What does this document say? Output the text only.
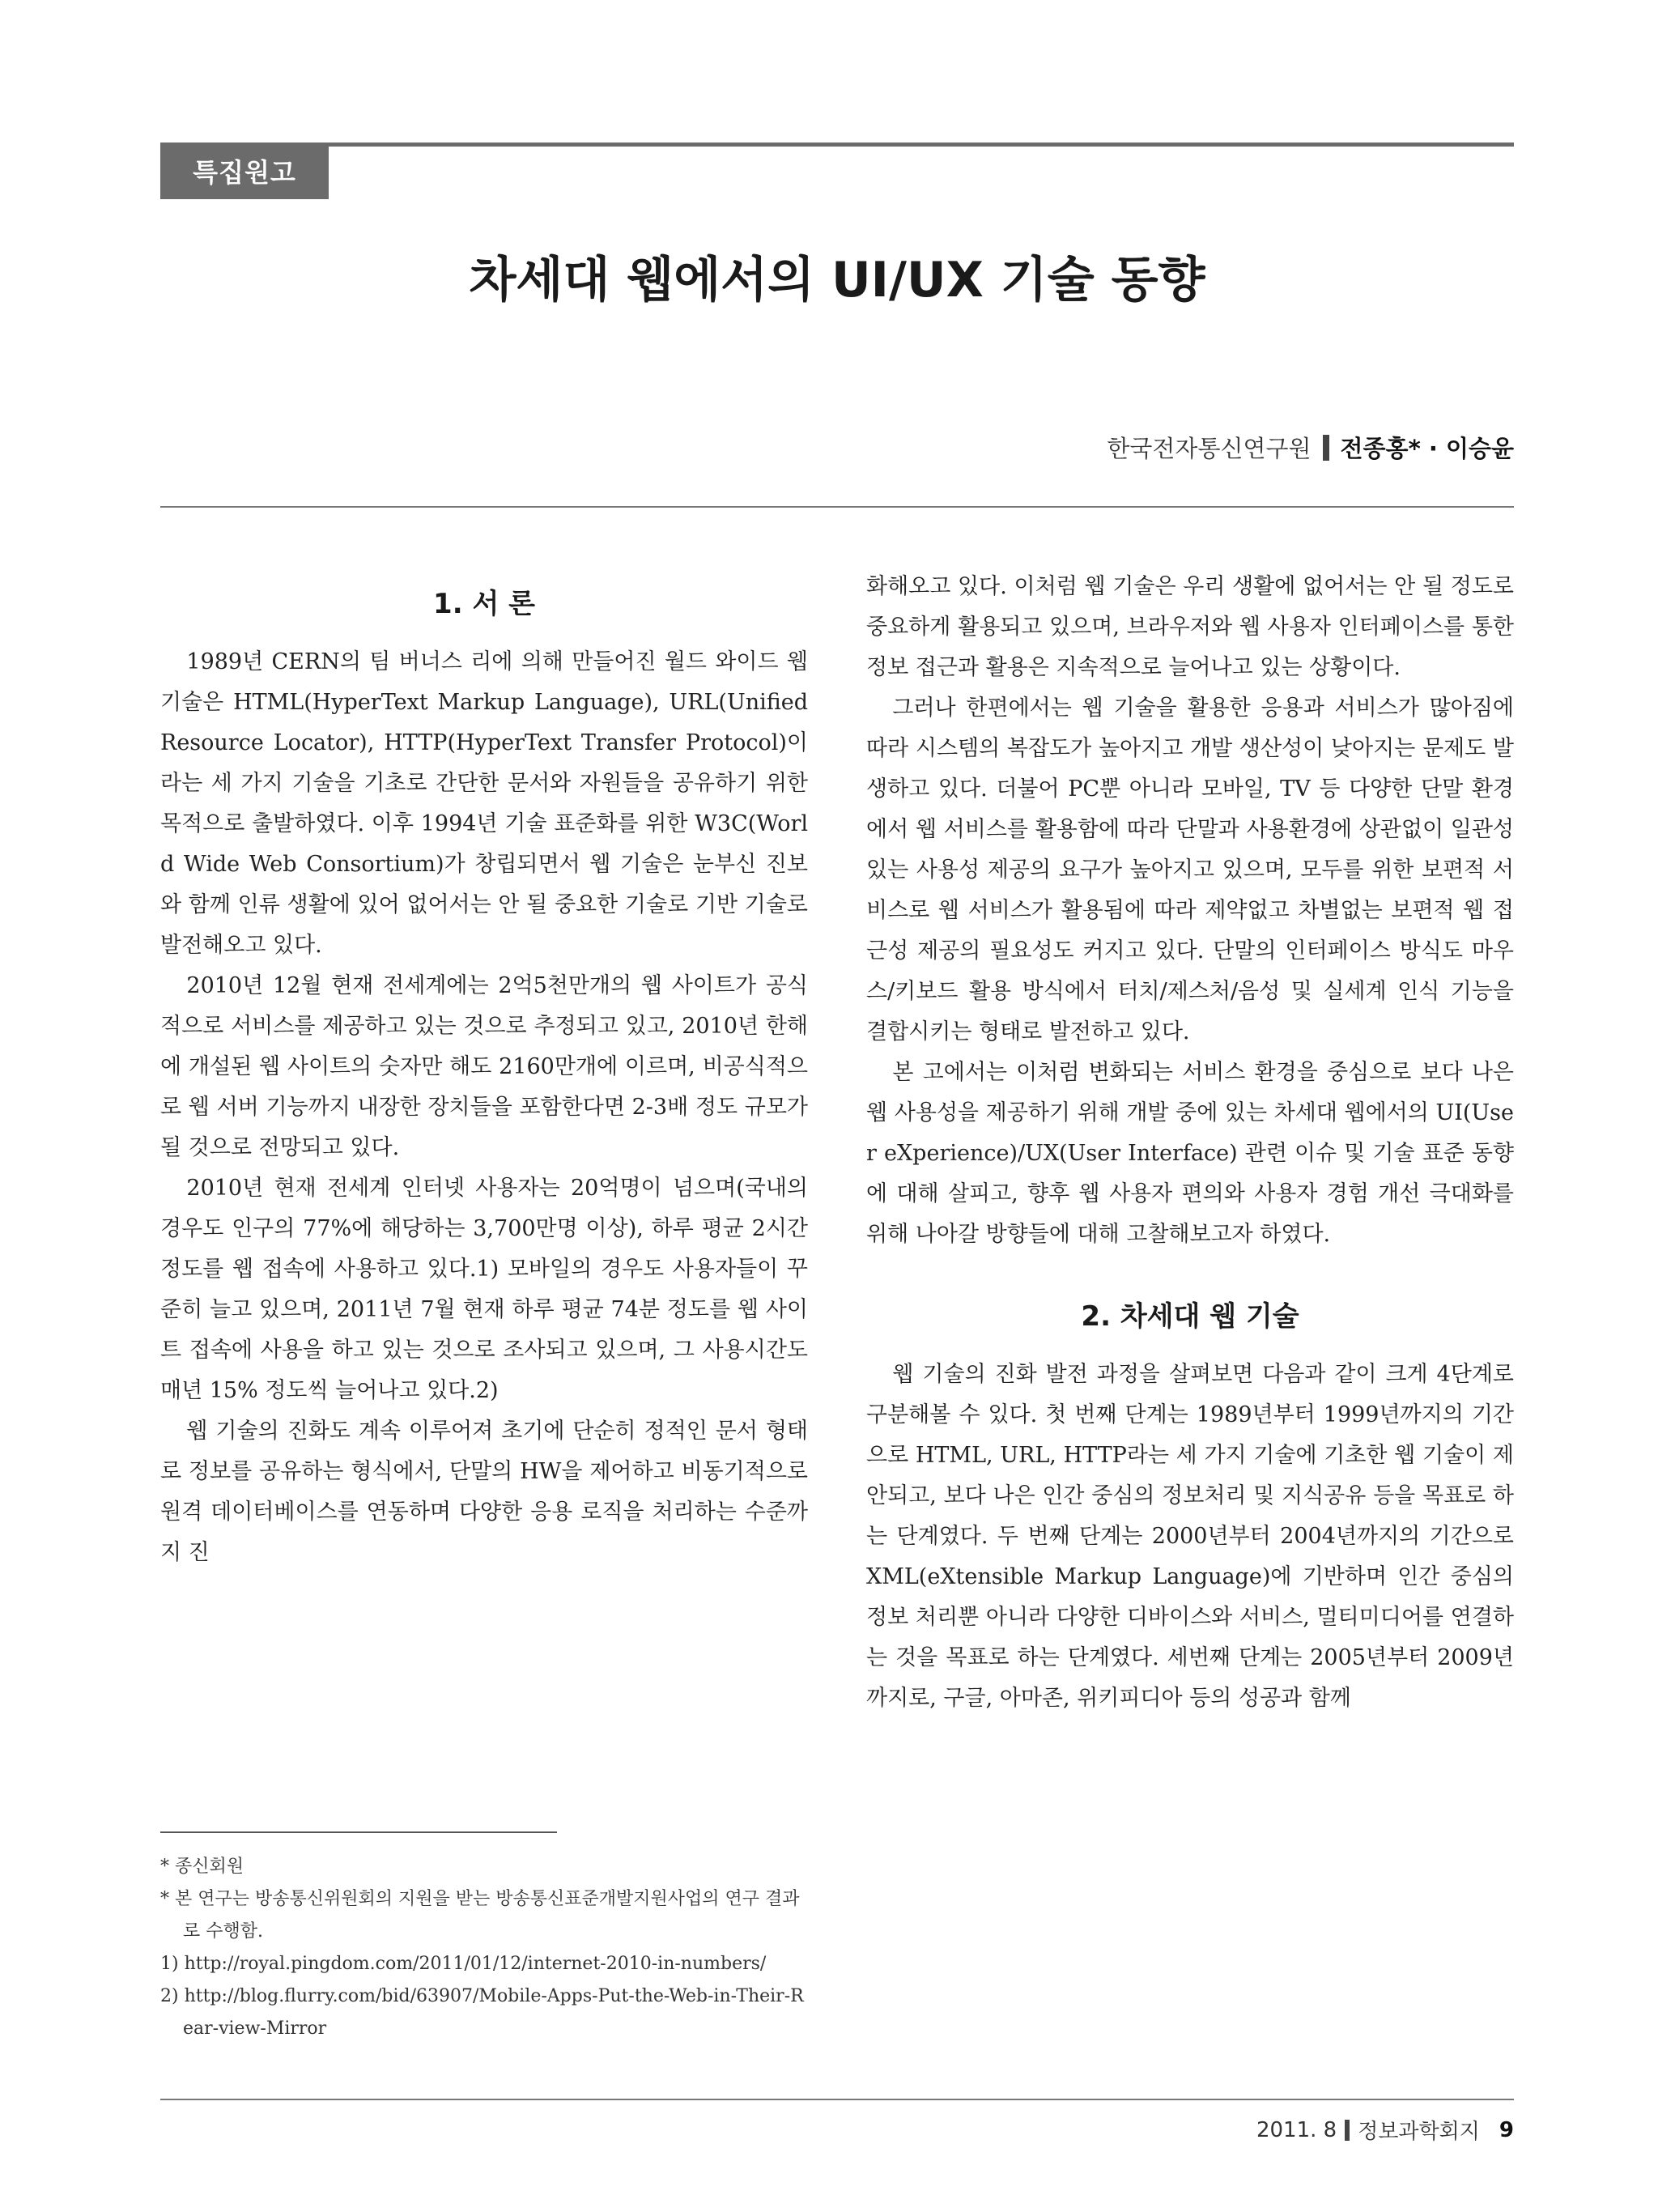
특집원고
차세대 웹에서의 UI/UX 기술 동향
한국전자통신연구원 전종홍* · 이승윤
1. 서 론

1989년 CERN의 팀 버너스 리에 의해 만들어진 월드 와이드 웹 기술은 HTML(HyperText Markup Language), URL(Unified Resource Locator), HTTP(HyperText Transfer Protocol)이라는 세 가지 기술을 기초로 간단한 문서와 자원들을 공유하기 위한 목적으로 출발하였다. 이후 1994년 기술 표준화를 위한 W3C(World Wide Web Consortium)가 창립되면서 웹 기술은 눈부신 진보와 함께 인류 생활에 있어 없어서는 안 될 중요한 기술로 기반 기술로 발전해오고 있다.

2010년 12월 현재 전세계에는 2억5천만개의 웹 사이트가 공식적으로 서비스를 제공하고 있는 것으로 추정되고 있고, 2010년 한해에 개설된 웹 사이트의 숫자만 해도 2160만개에 이르며, 비공식적으로 웹 서버 기능까지 내장한 장치들을 포함한다면 2-3배 정도 규모가 될 것으로 전망되고 있다.

2010년 현재 전세계 인터넷 사용자는 20억명이 넘으며(국내의 경우도 인구의 77%에 해당하는 3,700만명 이상), 하루 평균 2시간 정도를 웹 접속에 사용하고 있다.1) 모바일의 경우도 사용자들이 꾸준히 늘고 있으며, 2011년 7월 현재 하루 평균 74분 정도를 웹 사이트 접속에 사용을 하고 있는 것으로 조사되고 있으며, 그 사용시간도 매년 15% 정도씩 늘어나고 있다.2)

웹 기술의 진화도 계속 이루어져 초기에 단순히 정적인 문서 형태로 정보를 공유하는 형식에서, 단말의 HW을 제어하고 비동기적으로 원격 데이터베이스를 연동하며 다양한 응용 로직을 처리하는 수준까지 진

화해오고 있다. 이처럼 웹 기술은 우리 생활에 없어서는 안 될 정도로 중요하게 활용되고 있으며, 브라우저와 웹 사용자 인터페이스를 통한 정보 접근과 활용은 지속적으로 늘어나고 있는 상황이다.

그러나 한편에서는 웹 기술을 활용한 응용과 서비스가 많아짐에 따라 시스템의 복잡도가 높아지고 개발 생산성이 낮아지는 문제도 발생하고 있다. 더불어 PC뿐 아니라 모바일, TV 등 다양한 단말 환경에서 웹 서비스를 활용함에 따라 단말과 사용환경에 상관없이 일관성 있는 사용성 제공의 요구가 높아지고 있으며, 모두를 위한 보편적 서비스로 웹 서비스가 활용됨에 따라 제약없고 차별없는 보편적 웹 접근성 제공의 필요성도 커지고 있다. 단말의 인터페이스 방식도 마우스/키보드 활용 방식에서 터치/제스처/음성 및 실세계 인식 기능을 결합시키는 형태로 발전하고 있다.

본 고에서는 이처럼 변화되는 서비스 환경을 중심으로 보다 나은 웹 사용성을 제공하기 위해 개발 중에 있는 차세대 웹에서의 UI(User eXperience)/UX(User Interface) 관련 이슈 및 기술 표준 동향에 대해 살피고, 향후 웹 사용자 편의와 사용자 경험 개선 극대화를 위해 나아갈 방향들에 대해 고찰해보고자 하였다.

2. 차세대 웹 기술

웹 기술의 진화 발전 과정을 살펴보면 다음과 같이 크게 4단계로 구분해볼 수 있다. 첫 번째 단계는 1989년부터 1999년까지의 기간으로 HTML, URL, HTTP라는 세 가지 기술에 기초한 웹 기술이 제안되고, 보다 나은 인간 중심의 정보처리 및 지식공유 등을 목표로 하는 단계였다. 두 번째 단계는 2000년부터 2004년까지의 기간으로 XML(eXtensible Markup Language)에 기반하며 인간 중심의 정보 처리뿐 아니라 다양한 디바이스와 서비스, 멀티미디어를 연결하는 것을 목표로 하는 단계였다. 세번째 단계는 2005년부터 2009년까지로, 구글, 아마존, 위키피디아 등의 성공과 함께

* 종신회원
* 본 연구는 방송통신위원회의 지원을 받는 방송통신표준개발지원사업의 연구 결과로 수행함.
1) http://royal.pingdom.com/2011/01/12/internet-2010-in-numbers/
2) http://blog.flurry.com/bid/63907/Mobile-Apps-Put-the-Web-in-Their-Rear-view-Mirror
2011. 8 정보과학회지 9
